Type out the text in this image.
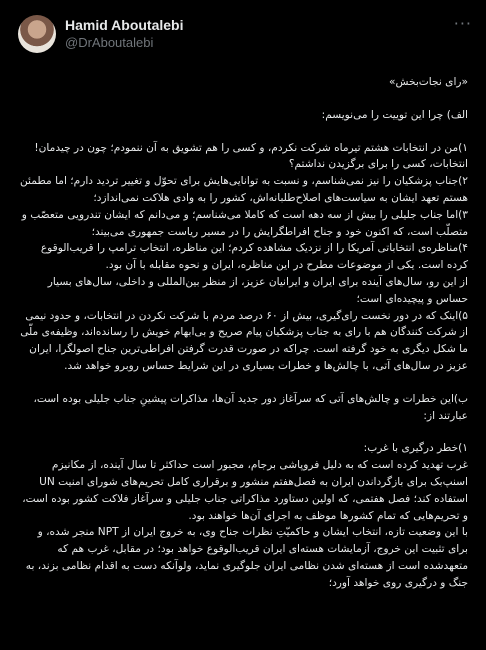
Hamid Aboutalebi
@DrAboutalebi
···

«رای نجات‌بخش»

الف) چرا این توییت را می‌نویسم:

۱)من در انتخابات هشتم تیرماه شرکت نکردم، و کسی را هم تشویق به آن ننمودم؛ چون در چیدمان! انتخابات، کسی را برای برگزیدن نداشتم؟

۲)جناب پزشکیان را نیز نمی‌شناسم، و نسبت به توانایی‌هایش برای تحوّل و تغییر تردید دارم؛ اما مطمئن هستم تعهد ایشان به سیاست‌های اصلاح‌طلبانه‌اش، کشور را به وادی هلاکت نمی‌اندازد؛

۳)اما جناب جلیلی را بیش از سه دهه است که کاملا می‌شناسم؛ و می‌دانم که ایشان تندرویی متعصّب و متصلّب است، که اکنون خود و جناح افراطگرایش را در مسیر ریاست جمهوری می‌بیند؛

۴)مناظره‌ی انتخاباتی آمریکا را از نزدیک مشاهده کردم؛ این مناظره، انتخاب ترامپ را قریب‌الوقوع کرده است. یکی از موضوعات مطرح در این مناظره، ایران و نحوه مقابله با آن بود.

از این رو، سال‌های آینده برای ایران و ایرانیان عزیز، از منظر بین‌المللی و داخلی، سال‌های بسیار حساس و پیچیده‌ای است؛

۵)اینک که در دور نخست رای‌گیری، بیش از ۶۰ درصد مردم با شرکت نکردن در انتخابات، و حدود نیمی از شرکت کنندگان هم با رای به جناب پزشکیان پیام صریح و بی‌ابهام خویش را رسانده‌اند، وظیفه‌ی ملّی ما شکل دیگری به خود گرفته است. چراکه در صورت قدرت گرفتن افراطی‌ترین جناح اصولگرا، ایران عزیز در سال‌های آتی، با چالش‌ها و خطرات بسیاری در این شرایط حساس روبرو خواهد شد.

ب)این خطرات و چالش‌های آتی که سرآغاز دور جدید آن‌ها، مذاکرات پیشینِ جناب جلیلی بوده است، عبارتند از:

۱)خطر درگیری با غرب:

غرب تهدید کرده است که به دلیل فروپاشی برجام، مجبور است حداکثر تا سال آینده، از مکانیزم اسنپ‌بک برای بازگرداندن ایران به فصل‌هفتم منشور و برقراری کامل تحریم‌های شورای امنیت UN استفاده کند؛ فصل هفتمی، که اولین دستاورد مذاکراتی جناب جلیلی و سرآغاز فلاکت کشور بوده است، و تحریم‌هایی که تمام کشورها موظف به اجرای آن‌ها خواهند بود.

با این وضعیت تازه، انتخاب ایشان و حاکمیّتِ نظرات جناح وی، به خروج ایران از NPT منجر شده، و برای تثبیت این خروج، آزمایشات هسته‌ای ایران قریب‌الوقوع خواهد بود؛ در مقابل، غرب هم که متعهدشده است از هسته‌ای شدن نظامی ایران جلوگیری نماید، ولوآنکه دست به اقدام نظامی بزند، به جنگ و درگیری روی خواهد آورد؛
